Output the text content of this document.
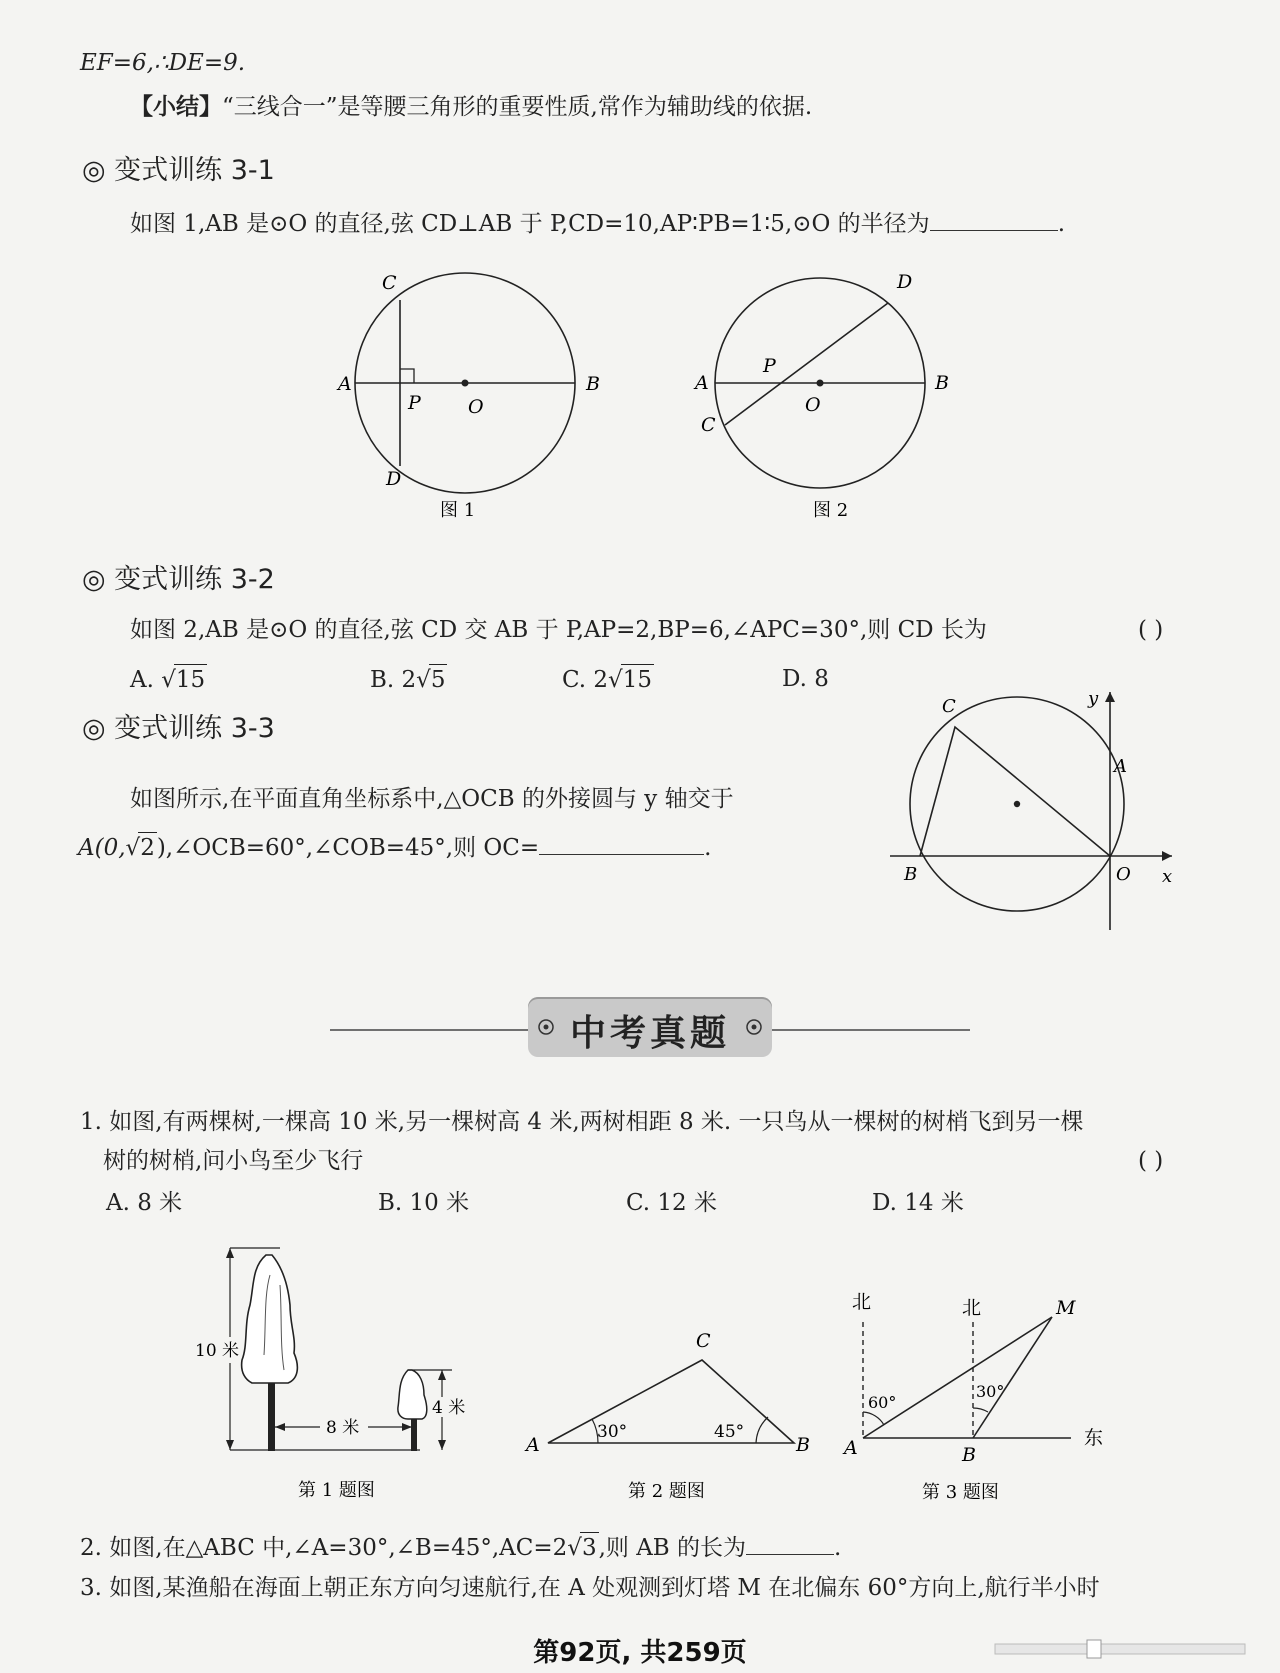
EF=6,∴DE=9.
【小结】“三线合一”是等腰三角形的重要性质,常作为辅助线的依据.
◎ 变式训练 3-1
如图 1,AB 是⊙O 的直径,弦 CD⊥AB 于 P,CD=10,AP∶PB=1∶5,⊙O 的半径为	.
C
A
P O
B
D
图 1
D
P
A
O
B
C
图 2
◎ 变式训练 3-2
如图 2,AB 是⊙O 的直径,弦 CD 交 AB 于 P,AP=2,BP=6,∠APC=30°,则 CD 长为	( )
A. √15	B. 2√5	C. 2√15	D. 8
◎ 变式训练 3-3
如图所示,在平面直角坐标系中,△OCB 的外接圆与 y 轴交于
A(0,√2),∠OCB=60°,∠COB=45°,则 OC=	.
y
C
A
B	O x
中考真题
1. 如图,有两棵树,一棵高 10 米,另一棵树高 4 米,两树相距 8 米. 一只鸟从一棵树的树梢飞到另一棵
树的树梢,问小鸟至少飞行	( )
A. 8 米	B. 10 米	C. 12 米	D. 14 米
10 米
8 米
4 米
第 1 题图
C
A	B
30°	45°
第 2 题图
北	北	M
60°
30°
A	B
东
第 3 题图
2. 如图,在△ABC 中,∠A=30°,∠B=45°,AC=2√3,则 AB 的长为	.
3. 如图,某渔船在海面上朝正东方向匀速航行,在 A 处观测到灯塔 M 在北偏东 60°方向上,航行半小时
第92页, 共259页
